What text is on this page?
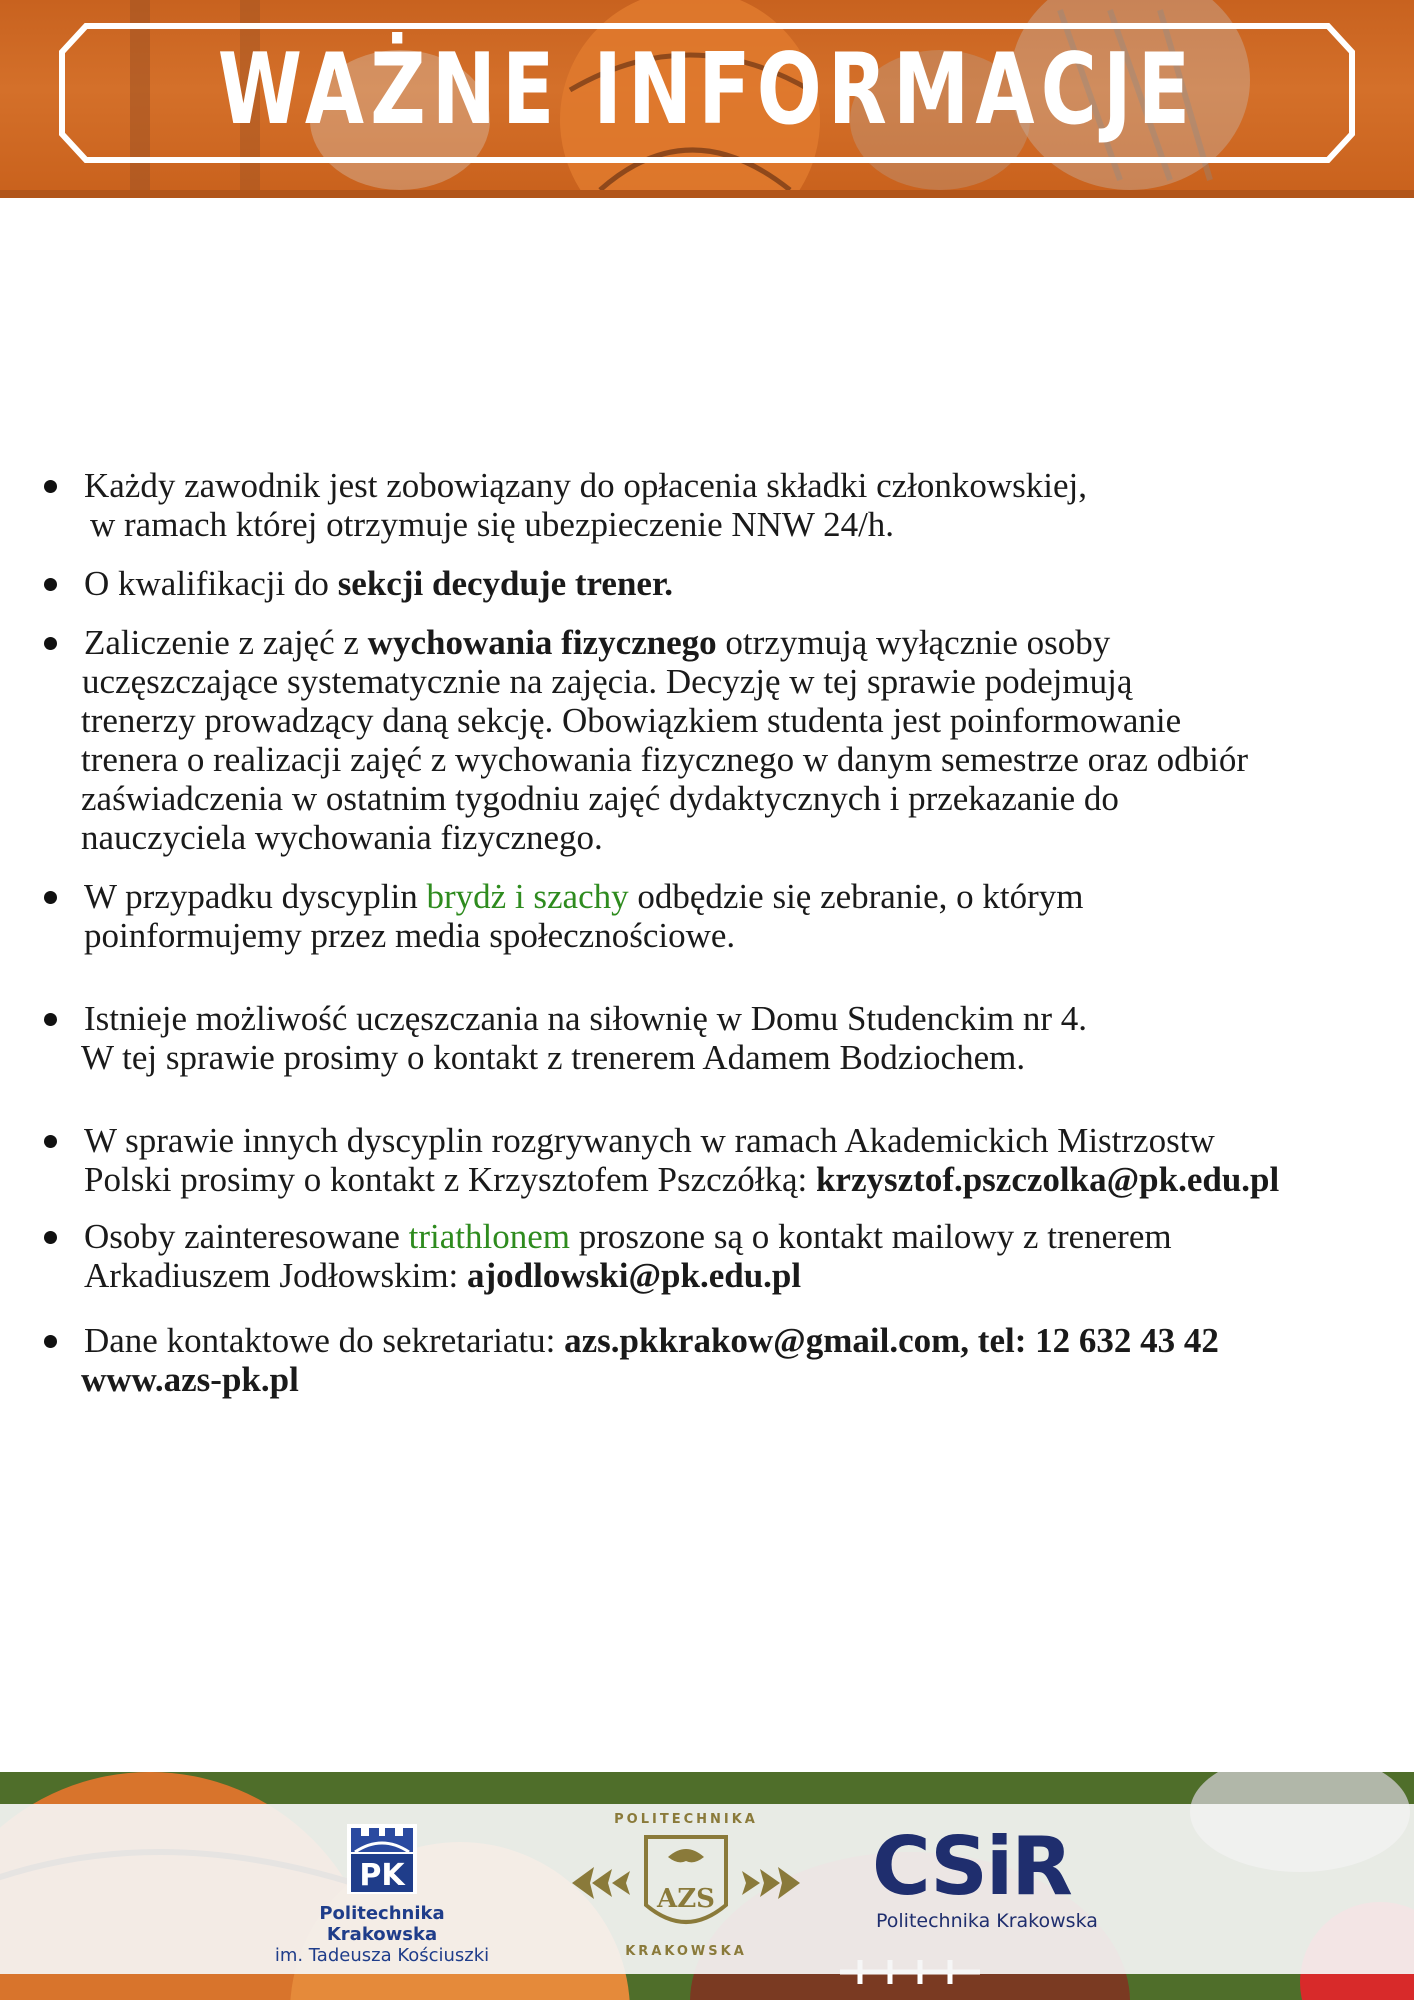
WAŻNE INFORMACJE

Każdy zawodnik jest zobowiązany do opłacenia składki członkowskiej,

w ramach której otrzymuje się ubezpieczenie NNW 24/h.

O kwalifikacji do sekcji decyduje trener.

Zaliczenie z zajęć z wychowania fizycznego otrzymują wyłącznie osoby

uczęszczające systematycznie na zajęcia. Decyzję w tej sprawie podejmują

trenerzy prowadzący daną sekcję. Obowiązkiem studenta jest poinformowanie

trenera o realizacji zajęć z wychowania fizycznego w danym semestrze oraz odbiór

zaświadczenia w ostatnim tygodniu zajęć dydaktycznych i przekazanie do

nauczyciela wychowania fizycznego.

W przypadku dyscyplin brydż i szachy odbędzie się zebranie, o którym

poinformujemy przez media społecznościowe.

Istnieje możliwość uczęszczania na siłownię w Domu Studenckim nr 4.

W tej sprawie prosimy o kontakt z trenerem Adamem Bodziochem.

W sprawie innych dyscyplin rozgrywanych w ramach Akademickich Mistrzostw

Polski prosimy o kontakt z Krzysztofem Pszczółką: krzysztof.pszczolka@pk.edu.pl

Osoby zainteresowane triathlonem proszone są o kontakt mailowy z trenerem

Arkadiuszem Jodłowskim: ajodlowski@pk.edu.pl

Dane kontaktowe do sekretariatu: azs.pkkrakow@gmail.com, tel: 12 632 43 42

www.azs-pk.pl

PK
Politechnika Krakowska
im. Tadeusza Kościuszki
POLITECHNIKA
AZS
KRAKOWSKA
CSiR
Politechnika Krakowska
